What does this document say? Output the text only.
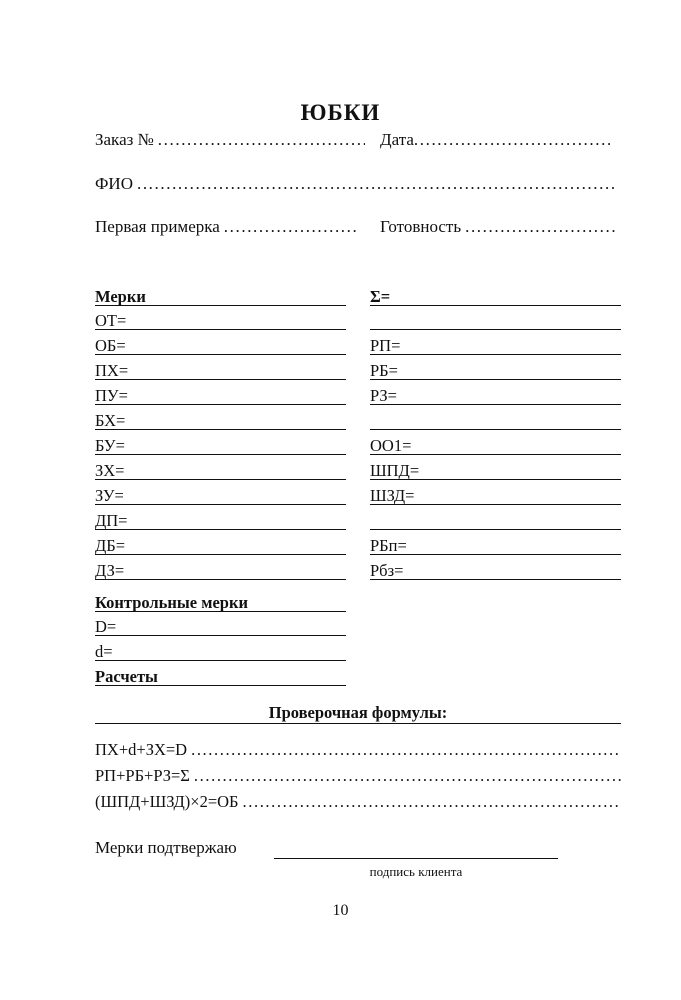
ЮБКИ
Заказ № .....	Дата
.....
ФИО
.....
Первая примерка .....	Готовность
.....
Мерки
ОТ=
ОБ=
ПХ=
ПУ=
БХ=
БУ=
ЗХ=
ЗУ=
ДП=
ДБ=
ДЗ=
Σ=
РП=
РБ=
РЗ=
ОО1=
ШПД=
ШЗД=
РБп=
Рбз=
Контрольные мерки
D=
d=
Расчеты
Проверочная формулы:
ПХ+d+ЗХ=D
.....
РП+РБ+РЗ=Σ
.....
(ШПД+ШЗД)×2=ОБ
.....
Мерки подтвержаю
подпись клиента
10
